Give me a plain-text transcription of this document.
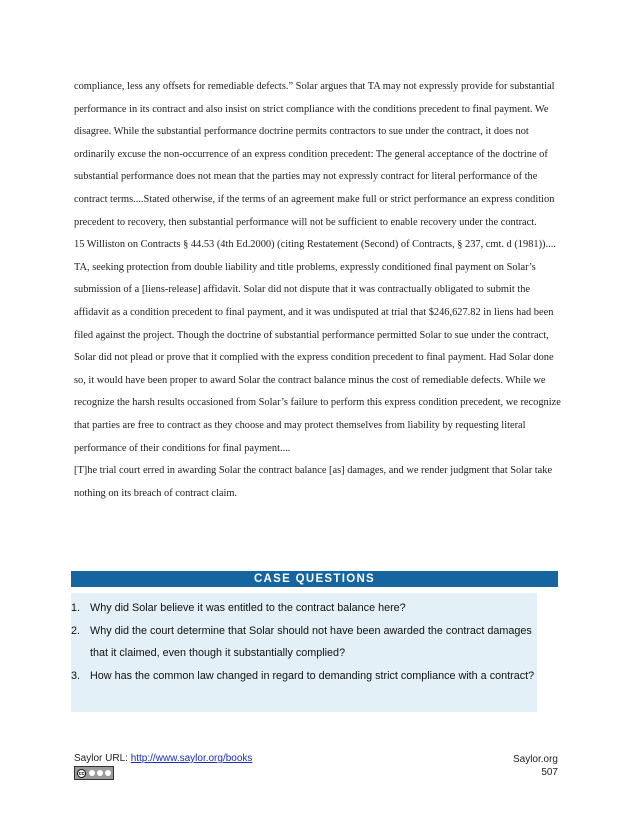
compliance, less any offsets for remediable defects.” Solar argues that TA may not expressly provide for substantial performance in its contract and also insist on strict compliance with the conditions precedent to final payment. We disagree. While the substantial performance doctrine permits contractors to sue under the contract, it does not ordinarily excuse the non-occurrence of an express condition precedent: The general acceptance of the doctrine of substantial performance does not mean that the parties may not expressly contract for literal performance of the contract terms....Stated otherwise, if the terms of an agreement make full or strict performance an express condition precedent to recovery, then substantial performance will not be sufficient to enable recovery under the contract.

15 Williston on Contracts § 44.53 (4th Ed.2000) (citing Restatement (Second) of Contracts, § 237, cmt. d (1981))....

TA, seeking protection from double liability and title problems, expressly conditioned final payment on Solar’s submission of a [liens-release] affidavit. Solar did not dispute that it was contractually obligated to submit the affidavit as a condition precedent to final payment, and it was undisputed at trial that $246,627.82 in liens had been filed against the project. Though the doctrine of substantial performance permitted Solar to sue under the contract, Solar did not plead or prove that it complied with the express condition precedent to final payment. Had Solar done so, it would have been proper to award Solar the contract balance minus the cost of remediable defects. While we recognize the harsh results occasioned from Solar’s failure to perform this express condition precedent, we recognize that parties are free to contract as they choose and may protect themselves from liability by requesting literal performance of their conditions for final payment....

[T]he trial court erred in awarding Solar the contract balance [as] damages, and we render judgment that Solar take nothing on its breach of contract claim.

CASE QUESTIONS
1. Why did Solar believe it was entitled to the contract balance here?
2. Why did the court determine that Solar should not have been awarded the contract damages that it claimed, even though it substantially complied?
3. How has the common law changed in regard to demanding strict compliance with a contract?
Saylor URL: http://www.saylor.org/books
cc
Saylor.org
507
